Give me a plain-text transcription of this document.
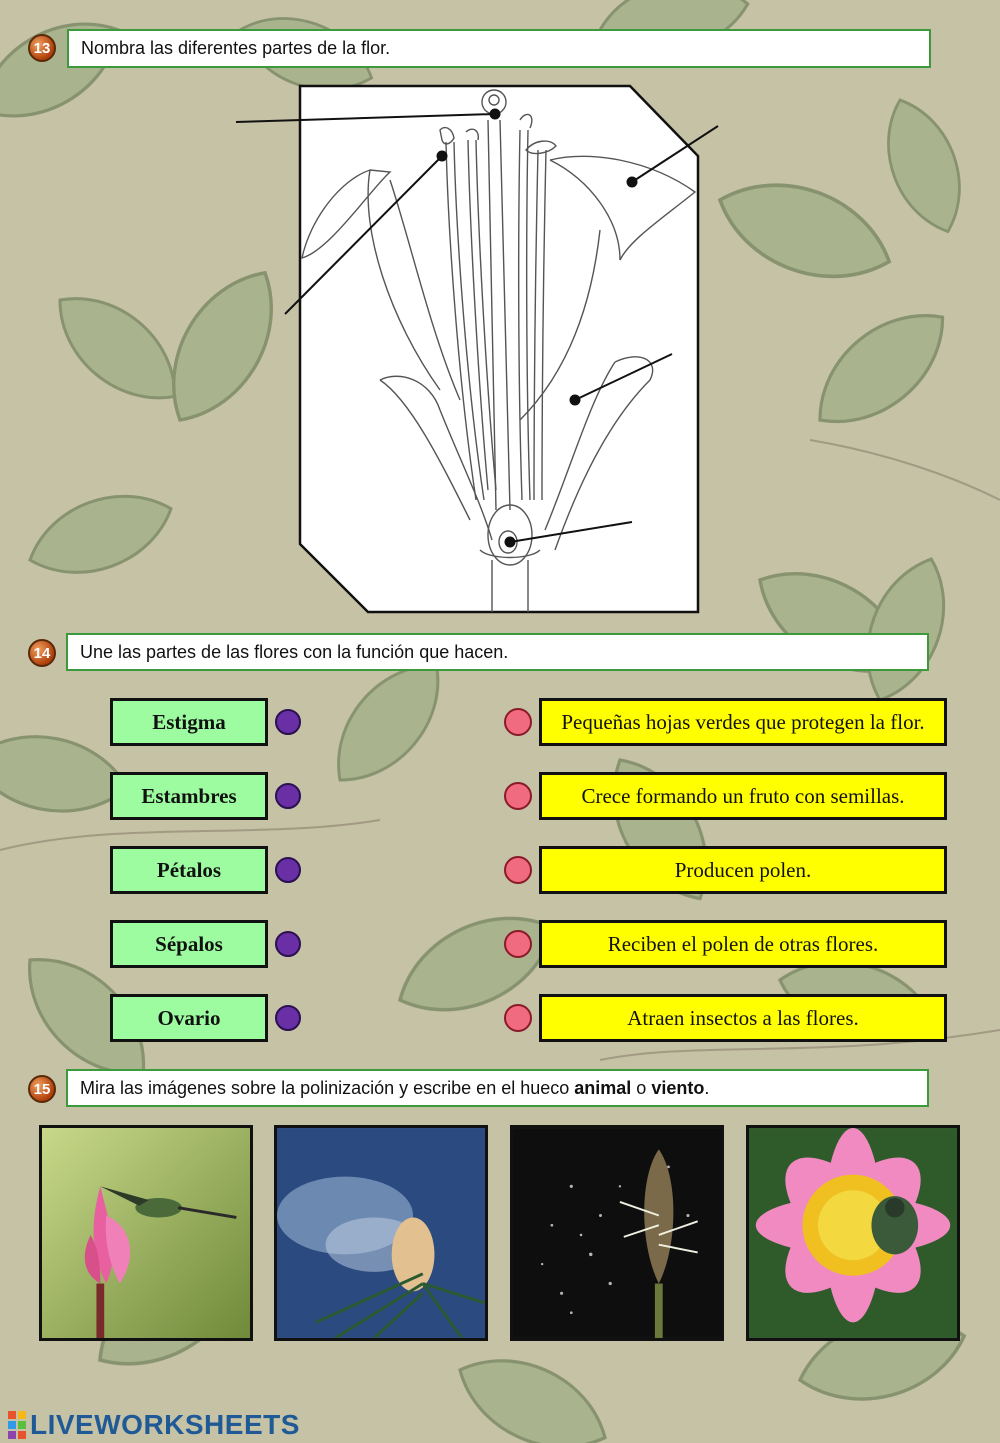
13	Nombra las diferentes partes de la flor.
14	Une las partes de las flores con la función que hacen.
Estigma
Estambres
Pétalos
Sépalos
Ovario
Pequeñas hojas verdes que protegen la flor.
Crece formando un fruto con semillas.
Producen polen.
Reciben el polen de otras flores.
Atraen insectos a las flores.
15	Mira las imágenes sobre la polinización y escribe en el hueco animal o viento .
LIVEWORKSHEETS
